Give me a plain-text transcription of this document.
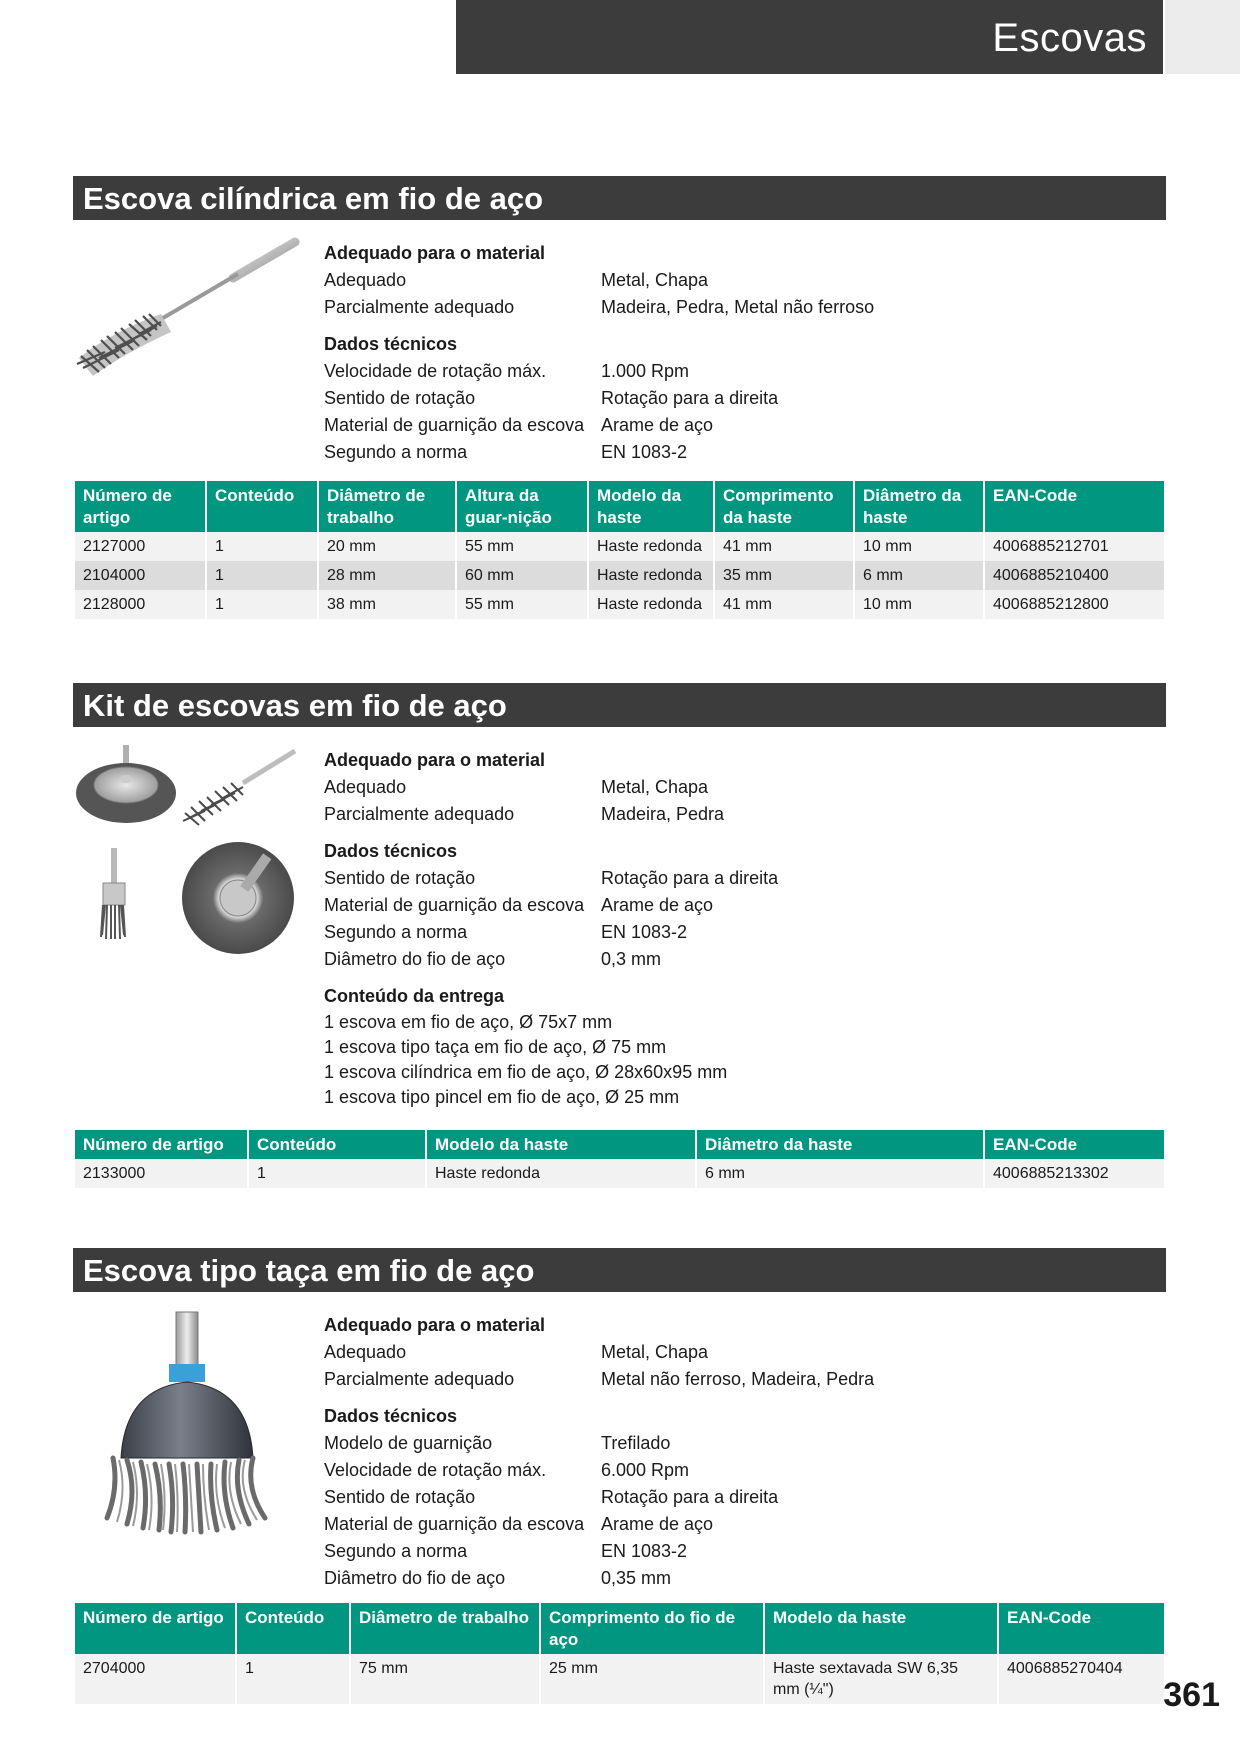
Escovas
Escova cilíndrica em fio de aço
Adequado para o material
Adequado	Metal, Chapa
Parcialmente adequado	Madeira, Pedra, Metal não ferroso
Dados técnicos
Velocidade de rotação máx.	1.000 Rpm
Sentido de rotação	Rotação para a direita
Material de guarnição da escova Arame de aço
Segundo a norma	EN 1083-2
Número de artigo	Conteúdo	Diâmetro de trabalho	Altura da guar-nição	Modelo da haste	Comprimento da haste	Diâmetro da haste	EAN-Code
2127000	1	20 mm	55 mm	Haste redonda	41 mm	10 mm	4006885212701
2104000	1	28 mm	60 mm	Haste redonda	35 mm	6 mm	4006885210400
2128000	1	38 mm	55 mm	Haste redonda	41 mm	10 mm	4006885212800
Kit de escovas em fio de aço
Adequado para o material
Adequado	Metal, Chapa
Parcialmente adequado	Madeira, Pedra
Dados técnicos
Sentido de rotação	Rotação para a direita
Material de guarnição da escova Arame de aço
Segundo a norma	EN 1083-2
Diâmetro do fio de aço	0,3 mm
Conteúdo da entrega
1 escova em fio de aço, Ø 75x7 mm
1 escova tipo taça em fio de aço, Ø 75 mm
1 escova cilíndrica em fio de aço, Ø 28x60x95 mm
1 escova tipo pincel em fio de aço, Ø 25 mm
Número de artigo	Conteúdo	Modelo da haste	Diâmetro da haste	EAN-Code
2133000	1	Haste redonda	6 mm	4006885213302
Escova tipo taça em fio de aço
Adequado para o material
Adequado	Metal, Chapa
Parcialmente adequado	Metal não ferroso, Madeira, Pedra
Dados técnicos
Modelo de guarnição	Trefilado
Velocidade de rotação máx.	6.000 Rpm
Sentido de rotação	Rotação para a direita
Material de guarnição da escova Arame de aço
Segundo a norma	EN 1083-2
Diâmetro do fio de aço	0,35 mm
Número de artigo	Conteúdo	Diâmetro de trabalho	Comprimento do fio de aço	Modelo da haste	EAN-Code
2704000	1	75 mm	25 mm	Haste sextavada SW 6,35 mm (¼")	4006885270404
361
